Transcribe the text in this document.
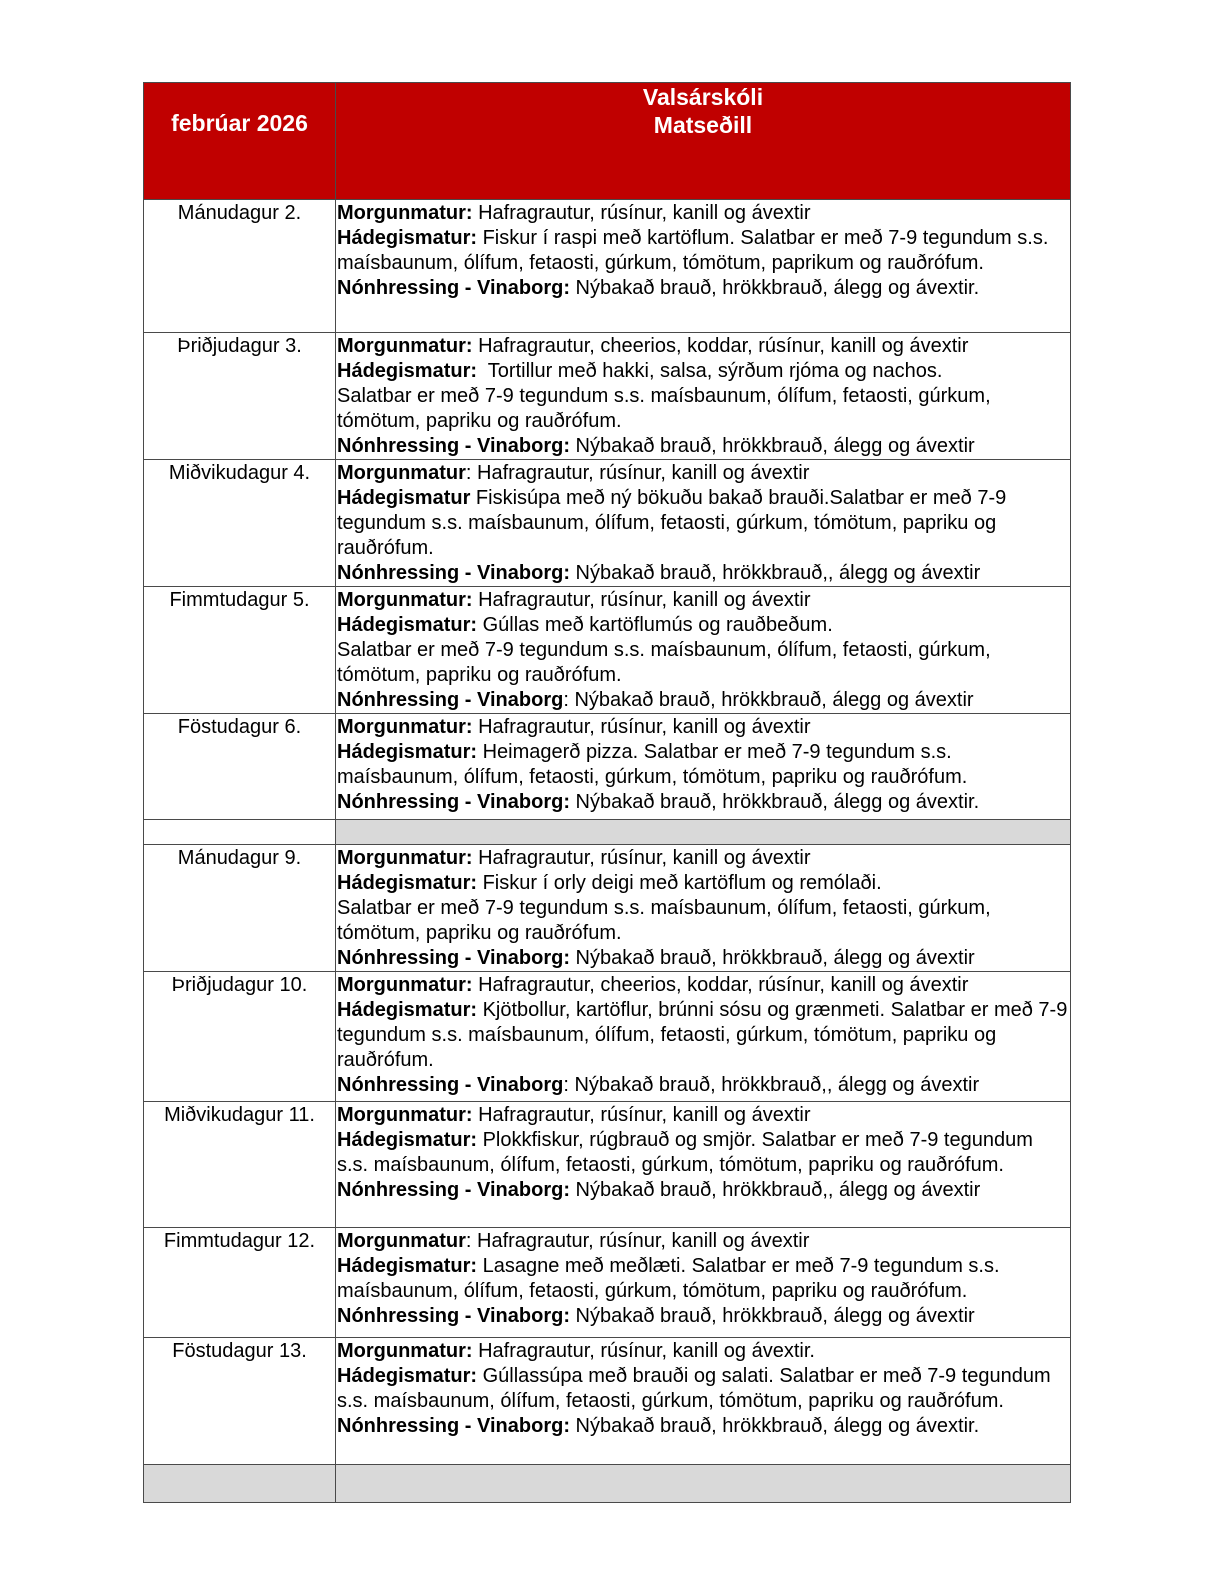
febrúar 2026	Valsárskóli
Matseðill

Mánudagur 2.	Morgunmatur: Hafragrautur, rúsínur, kanill og ávextir
Hádegismatur: Fiskur í raspi með kartöflum. Salatbar er með 7-9 tegundum s.s. maísbaunum, ólífum, fetaosti, gúrkum, tómötum, paprikum og rauðrófum.
Nónhressing - Vinaborg: Nýbakað brauð, hrökkbrauð, álegg og ávextir.

Þriðjudagur 3.	Morgunmatur: Hafragrautur, cheerios, koddar, rúsínur, kanill og ávextir
Hádegismatur:  Tortillur með hakki, salsa, sýrðum rjóma og nachos.
Salatbar er með 7-9 tegundum s.s. maísbaunum, ólífum, fetaosti, gúrkum, tómötum, papriku og rauðrófum.
Nónhressing - Vinaborg: Nýbakað brauð, hrökkbrauð, álegg og ávextir

Miðvikudagur 4.	Morgunmatur: Hafragrautur, rúsínur, kanill og ávextir
Hádegismatur Fiskisúpa með ný bökuðu bakað brauði.Salatbar er með 7-9 tegundum s.s. maísbaunum, ólífum, fetaosti, gúrkum, tómötum, papriku og rauðrófum.
Nónhressing - Vinaborg: Nýbakað brauð, hrökkbrauð,, álegg og ávextir

Fimmtudagur 5.	Morgunmatur: Hafragrautur, rúsínur, kanill og ávextir
Hádegismatur: Gúllas með kartöflumús og rauðbeðum.
Salatbar er með 7-9 tegundum s.s. maísbaunum, ólífum, fetaosti, gúrkum, tómötum, papriku og rauðrófum.
Nónhressing - Vinaborg: Nýbakað brauð, hrökkbrauð, álegg og ávextir

Föstudagur 6.	Morgunmatur: Hafragrautur, rúsínur, kanill og ávextir
Hádegismatur: Heimagerð pizza. Salatbar er með 7-9 tegundum s.s. maísbaunum, ólífum, fetaosti, gúrkum, tómötum, papriku og rauðrófum.
Nónhressing - Vinaborg: Nýbakað brauð, hrökkbrauð, álegg og ávextir.

Mánudagur 9.	Morgunmatur: Hafragrautur, rúsínur, kanill og ávextir
Hádegismatur: Fiskur í orly deigi með kartöflum og remólaði.
Salatbar er með 7-9 tegundum s.s. maísbaunum, ólífum, fetaosti, gúrkum, tómötum, papriku og rauðrófum.
Nónhressing - Vinaborg: Nýbakað brauð, hrökkbrauð, álegg og ávextir

Þriðjudagur 10.	Morgunmatur: Hafragrautur, cheerios, koddar, rúsínur, kanill og ávextir
Hádegismatur: Kjötbollur, kartöflur, brúnni sósu og grænmeti. Salatbar er með 7-9 tegundum s.s. maísbaunum, ólífum, fetaosti, gúrkum, tómötum, papriku og rauðrófum.
Nónhressing - Vinaborg: Nýbakað brauð, hrökkbrauð,, álegg og ávextir

Miðvikudagur 11.	Morgunmatur: Hafragrautur, rúsínur, kanill og ávextir
Hádegismatur: Plokkfiskur, rúgbrauð og smjör. Salatbar er með 7-9 tegundum s.s. maísbaunum, ólífum, fetaosti, gúrkum, tómötum, papriku og rauðrófum.
Nónhressing - Vinaborg: Nýbakað brauð, hrökkbrauð,, álegg og ávextir

Fimmtudagur 12.	Morgunmatur: Hafragrautur, rúsínur, kanill og ávextir
Hádegismatur: Lasagne með meðlæti. Salatbar er með 7-9 tegundum s.s. maísbaunum, ólífum, fetaosti, gúrkum, tómötum, papriku og rauðrófum.
Nónhressing - Vinaborg: Nýbakað brauð, hrökkbrauð, álegg og ávextir

Föstudagur 13.	Morgunmatur: Hafragrautur, rúsínur, kanill og ávextir.
Hádegismatur: Gúllassúpa með brauði og salati. Salatbar er með 7-9 tegundum s.s. maísbaunum, ólífum, fetaosti, gúrkum, tómötum, papriku og rauðrófum.
Nónhressing - Vinaborg: Nýbakað brauð, hrökkbrauð, álegg og ávextir.
